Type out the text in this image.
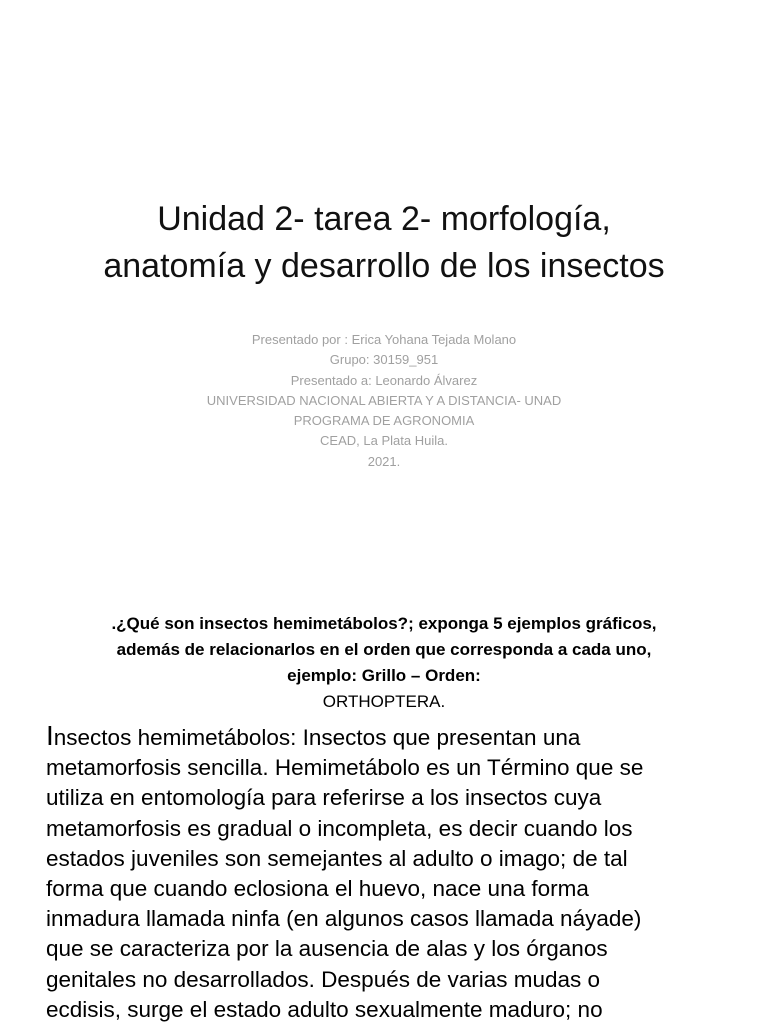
Unidad 2- tarea 2- morfología,
anatomía y desarrollo de los insectos
Presentado por : Erica Yohana Tejada Molano
Grupo: 30159_951
Presentado a: Leonardo Álvarez
UNIVERSIDAD NACIONAL ABIERTA Y A DISTANCIA- UNAD
PROGRAMA DE AGRONOMIA
CEAD, La Plata Huila.
2021.
.¿Qué son insectos hemimetábolos?; exponga 5 ejemplos gráficos,
además de relacionarlos en el orden que corresponda a cada uno,
ejemplo: Grillo – Orden:
ORTHOPTERA.
Insectos hemimetábolos: Insectos que presentan una
metamorfosis sencilla. Hemimetábolo es un Término que se
utiliza en entomología para referirse a los insectos cuya
metamorfosis es gradual o incompleta, es decir cuando los
estados juveniles son semejantes al adulto o imago; de tal
forma que cuando eclosiona el huevo, nace una forma
inmadura llamada ninfa (en algunos casos llamada náyade)
que se caracteriza por la ausencia de alas y los órganos
genitales no desarrollados. Después de varias mudas o
ecdisis, surge el estado adulto sexualmente maduro; no
